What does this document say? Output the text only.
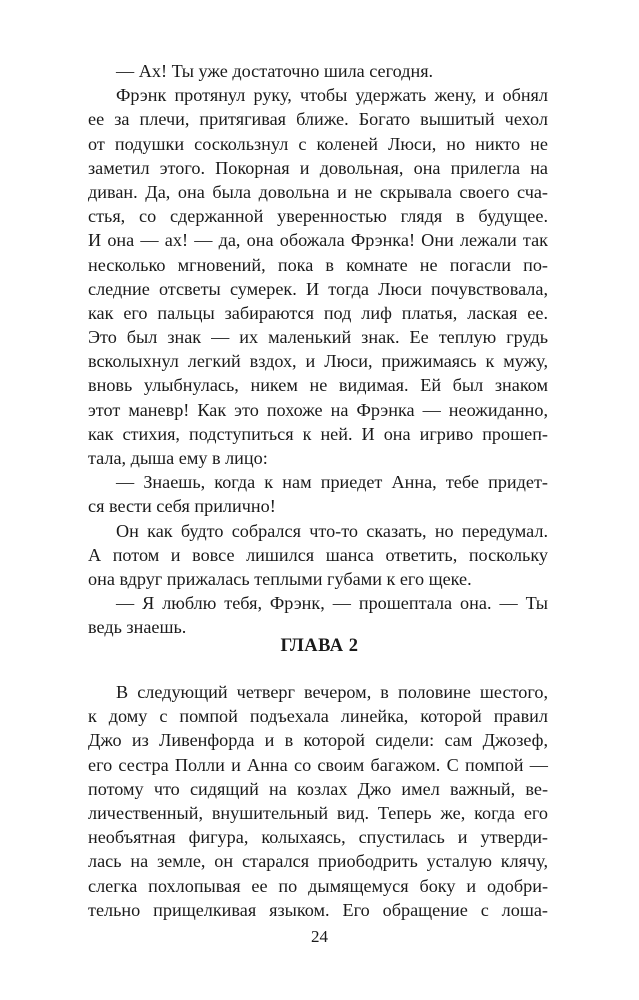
— Ах! Ты уже достаточно шила сегодня.
Фрэнк протянул руку, чтобы удержать жену, и обнял
ее за плечи, притягивая ближе. Богато вышитый чехол
от подушки соскользнул с коленей Люси, но никто не
заметил этого. Покорная и довольная, она прилегла на
диван. Да, она была довольна и не скрывала своего сча-
стья, со сдержанной уверенностью глядя в будущее.
И она — ах! — да, она обожала Фрэнка! Они лежали так
несколько мгновений, пока в комнате не погасли по-
следние отсветы сумерек. И тогда Люси почувствовала,
как его пальцы забираются под лиф платья, лаская ее.
Это был знак — их маленький знак. Ее теплую грудь
всколыхнул легкий вздох, и Люси, прижимаясь к мужу,
вновь улыбнулась, никем не видимая. Ей был знаком
этот маневр! Как это похоже на Фрэнка — неожиданно,
как стихия, подступиться к ней. И она игриво прошеп-
тала, дыша ему в лицо:
— Знаешь, когда к нам приедет Анна, тебе придет-
ся вести себя прилично!
Он как будто собрался что-то сказать, но передумал.
А потом и вовсе лишился шанса ответить, поскольку
она вдруг прижалась теплыми губами к его щеке.
— Я люблю тебя, Фрэнк, — прошептала она. — Ты
ведь знаешь.
ГЛАВА 2
В следующий четверг вечером, в половине шестого,
к дому с помпой подъехала линейка, которой правил
Джо из Ливенфорда и в которой сидели: сам Джозеф,
его сестра Полли и Анна со своим багажом. С помпой —
потому что сидящий на козлах Джо имел важный, ве-
личественный, внушительный вид. Теперь же, когда его
необъятная фигура, колыхаясь, спустилась и утверди-
лась на земле, он старался приободрить усталую клячу,
слегка похлопывая ее по дымящемуся боку и одобри-
тельно прищелкивая языком. Его обращение с лоша-
24
